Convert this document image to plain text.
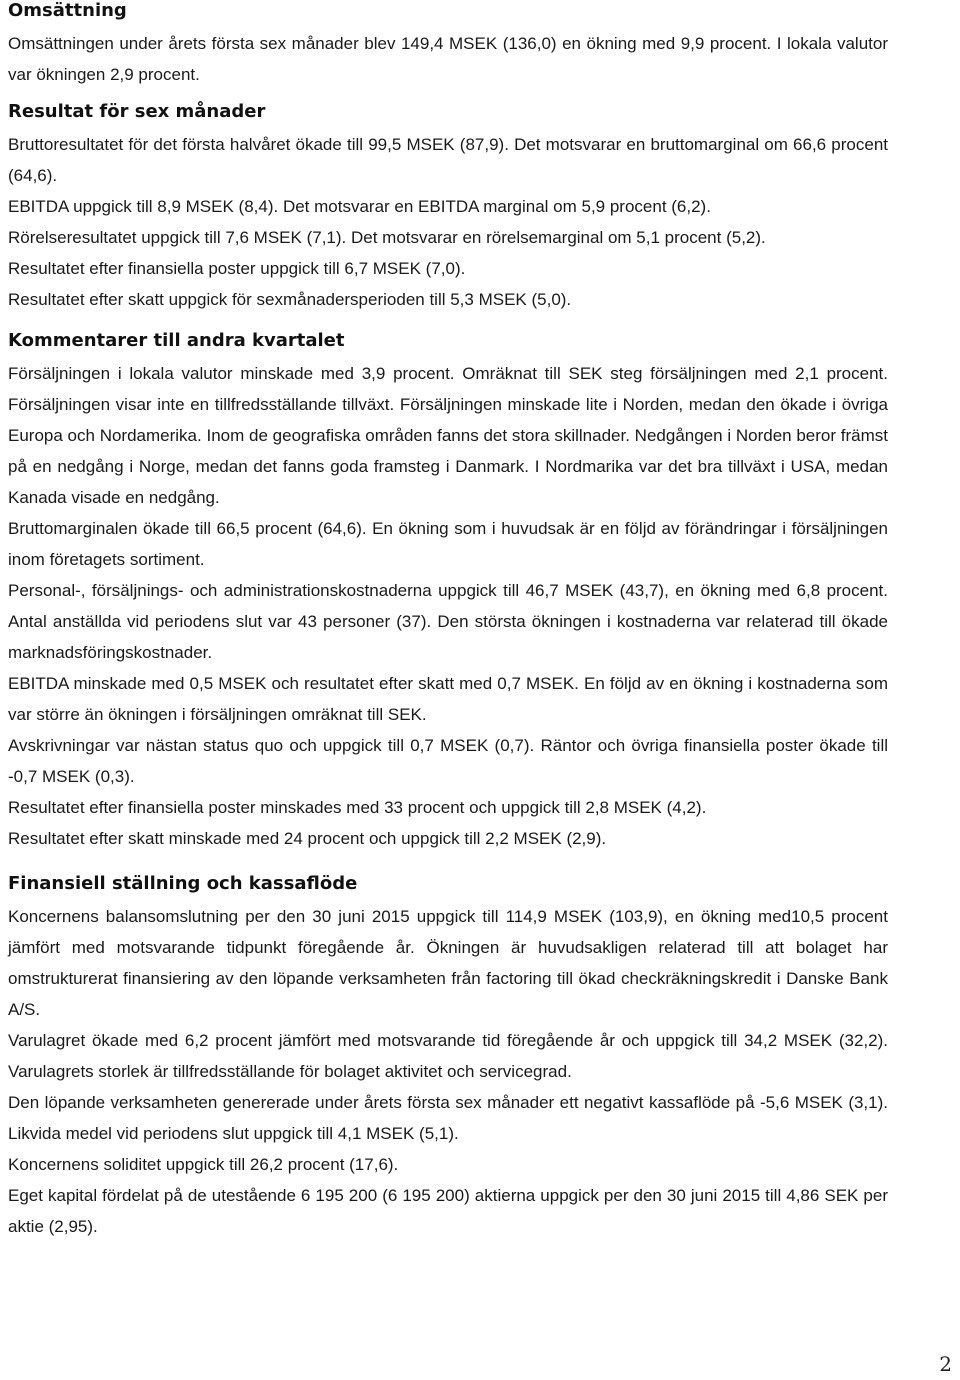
Omsättning

Omsättningen under årets första sex månader blev 149,4 MSEK (136,0) en ökning med 9,9 procent. I lokala valutor var ökningen 2,9 procent.

Resultat för sex månader

Bruttoresultatet för det första halvåret ökade till 99,5 MSEK (87,9). Det motsvarar en bruttomarginal om 66,6 procent (64,6).

EBITDA uppgick till 8,9 MSEK (8,4). Det motsvarar en EBITDA marginal om 5,9 procent (6,2).

Rörelseresultatet uppgick till 7,6 MSEK (7,1). Det motsvarar en rörelsemarginal om 5,1 procent (5,2).

Resultatet efter finansiella poster uppgick till 6,7 MSEK (7,0).

Resultatet efter skatt uppgick för sexmånadersperioden till 5,3 MSEK (5,0).

Kommentarer till andra kvartalet

Försäljningen i lokala valutor minskade med 3,9 procent. Omräknat till SEK steg försäljningen med 2,1 procent. Försäljningen visar inte en tillfredsställande tillväxt. Försäljningen minskade lite i Norden, medan den ökade i övriga Europa och Nordamerika. Inom de geografiska områden fanns det stora skillnader. Nedgången i Norden beror främst på en nedgång i Norge, medan det fanns goda framsteg i Danmark. I Nordmarika var det bra tillväxt i USA, medan Kanada visade en nedgång.

Bruttomarginalen ökade till 66,5 procent (64,6). En ökning som i huvudsak är en följd av förändringar i försäljningen inom företagets sortiment.

Personal-, försäljnings- och administrationskostnaderna uppgick till 46,7 MSEK (43,7), en ökning med 6,8 procent. Antal anställda vid periodens slut var 43 personer (37). Den största ökningen i kostnaderna var relaterad till ökade marknadsföringskostnader.

EBITDA minskade med 0,5 MSEK och resultatet efter skatt med 0,7 MSEK. En följd av en ökning i kostnaderna som var större än ökningen i försäljningen omräknat till SEK.

Avskrivningar var nästan status quo och uppgick till 0,7 MSEK (0,7). Räntor och övriga finansiella poster ökade till -0,7 MSEK (0,3).

Resultatet efter finansiella poster minskades med 33 procent och uppgick till 2,8 MSEK (4,2).

Resultatet efter skatt minskade med 24 procent och uppgick till 2,2 MSEK (2,9).

Finansiell ställning och kassaflöde

Koncernens balansomslutning per den 30 juni 2015 uppgick till 114,9 MSEK (103,9), en ökning med10,5 procent jämfört med motsvarande tidpunkt föregående år. Ökningen är huvudsakligen relaterad till att bolaget har omstrukturerat finansiering av den löpande verksamheten från factoring till ökad checkräkningskredit i Danske Bank A/S.

Varulagret ökade med 6,2 procent jämfört med motsvarande tid föregående år och uppgick till 34,2 MSEK (32,2). Varulagrets storlek är tillfredsställande för bolaget aktivitet och servicegrad.

Den löpande verksamheten genererade under årets första sex månader ett negativt kassaflöde på -5,6 MSEK (3,1). Likvida medel vid periodens slut uppgick till 4,1 MSEK (5,1).

Koncernens soliditet uppgick till 26,2 procent (17,6).

Eget kapital fördelat på de utestående 6 195 200 (6 195 200) aktierna uppgick per den 30 juni 2015 till 4,86 SEK per aktie (2,95).

2
